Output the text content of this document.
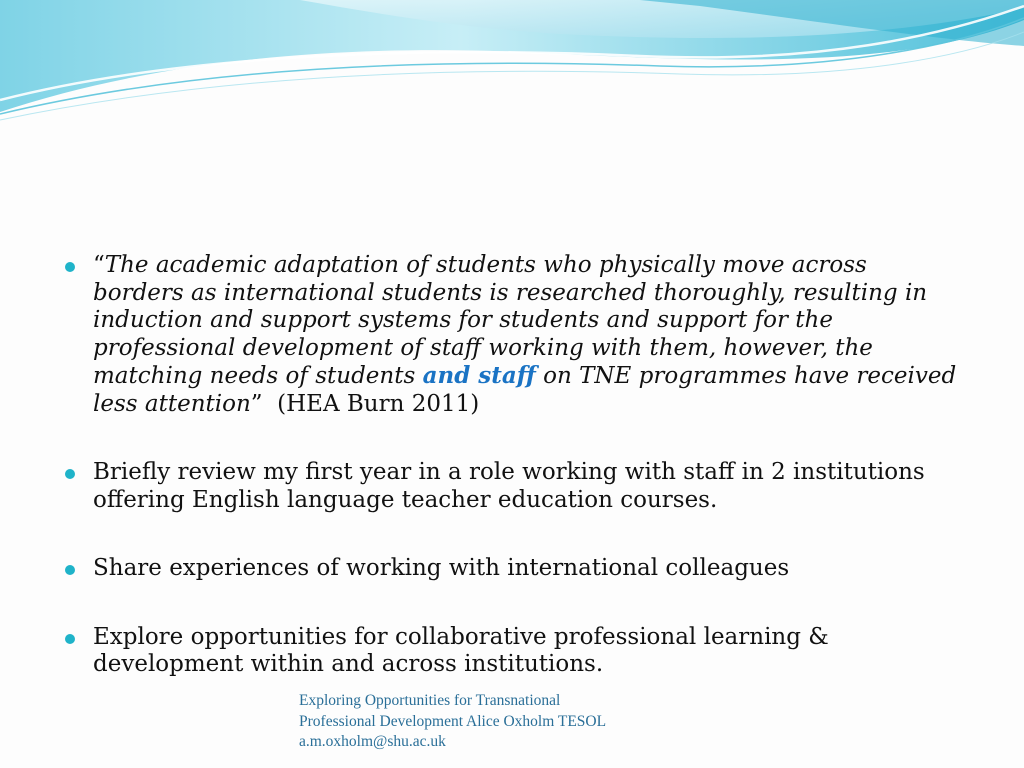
“The academic adaptation of students who physically move across borders as international students is researched thoroughly, resulting in induction and support systems for students and support for the professional development of staff working with them, however, the matching needs of students and staff on TNE programmes have received less attention”  (HEA Burn 2011)
Briefly review my first year in a role working with staff in 2 institutions offering English language teacher education courses.
Share experiences of working with international colleagues
Explore opportunities for collaborative professional learning & development within and across institutions.
Exploring Opportunities for Transnational
Professional Development Alice Oxholm TESOL
a.m.oxholm@shu.ac.uk
